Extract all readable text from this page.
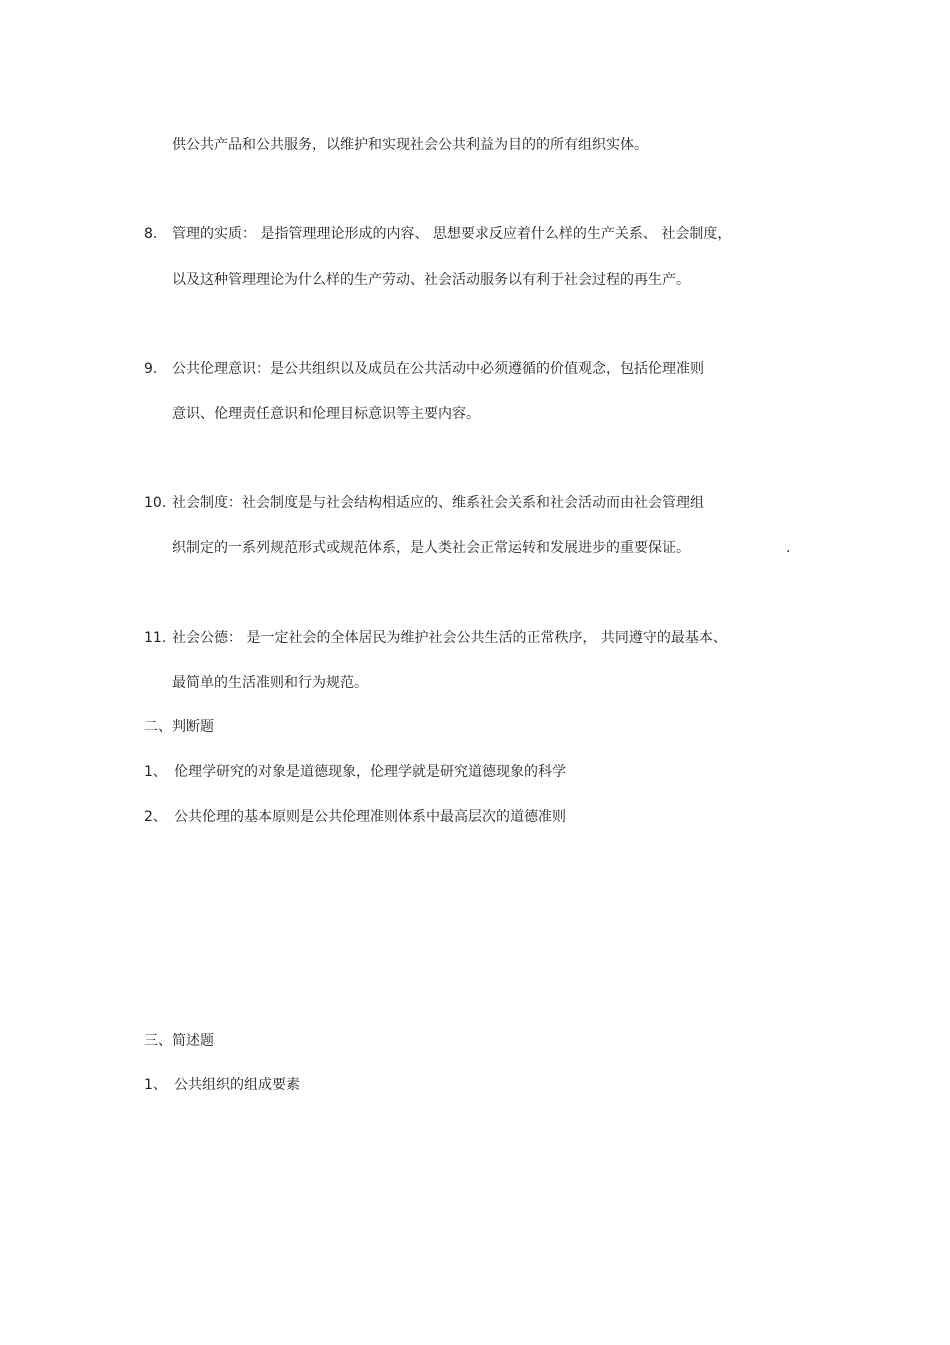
供公共产品和公共服务，以维护和实现社会公共利益为目的的所有组织实体。
8. 管理的实质： 是指管理理论形成的内容、 思想要求反应着什么样的生产关系、 社会制度，
以及这种管理理论为什么样的生产劳动、社会活动服务以有利于社会过程的再生产。
9. 公共伦理意识：是公共组织以及成员在公共活动中必须遵循的价值观念，包括伦理准则
意识、伦理责任意识和伦理目标意识等主要内容。
10. 社会制度：社会制度是与社会结构相适应的、维系社会关系和社会活动而由社会管理组
织制定的一系列规范形式或规范体系，是人类社会正常运转和发展进步的重要保证。	.
11. 社会公德： 是一定社会的全体居民为维护社会公共生活的正常秩序， 共同遵守的最基本、
最简单的生活准则和行为规范。
二、判断题
1、 伦理学研究的对象是道德现象，伦理学就是研究道德现象的科学
2、 公共伦理的基本原则是公共伦理准则体系中最高层次的道德准则
三、简述题
1、 公共组织的组成要素
